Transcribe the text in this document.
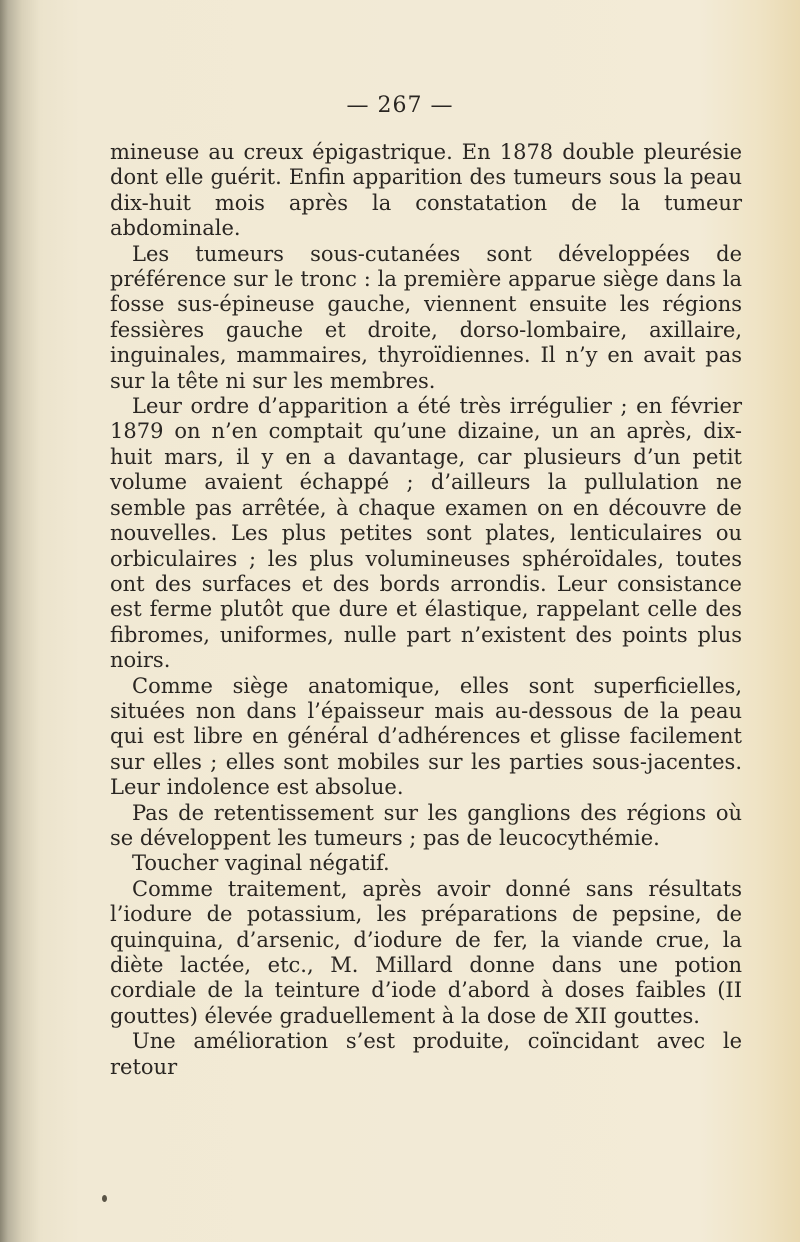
— 267 —

mineuse au creux épigastrique. En 1878 double pleurésie dont elle guérit. Enfin apparition des tumeurs sous la peau dix-huit mois après la constatation de la tumeur abdominale.

Les tumeurs sous-cutanées sont développées de préférence sur le tronc : la première apparue siège dans la fosse sus-épineuse gauche, viennent ensuite les régions fessières gauche et droite, dorso-lombaire, axillaire, inguinales, mammaires, thyroïdiennes. Il n’y en avait pas sur la tête ni sur les membres.

Leur ordre d’apparition a été très irrégulier ; en février 1879 on n’en comptait qu’une dizaine, un an après, dix-huit mars, il y en a davantage, car plusieurs d’un petit volume avaient échappé ; d’ailleurs la pullulation ne semble pas arrêtée, à chaque examen on en découvre de nouvelles. Les plus petites sont plates, lenticulaires ou orbiculaires ; les plus volumineuses sphéroïdales, toutes ont des surfaces et des bords arrondis. Leur consistance est ferme plutôt que dure et élastique, rappelant celle des fibromes, uniformes, nulle part n’existent des points plus noirs.

Comme siège anatomique, elles sont superficielles, situées non dans l’épaisseur mais au-dessous de la peau qui est libre en général d’adhérences et glisse facilement sur elles ; elles sont mobiles sur les parties sous-jacentes. Leur indolence est absolue.

Pas de retentissement sur les ganglions des régions où se développent les tumeurs ; pas de leucocythémie.

Toucher vaginal négatif.

Comme traitement, après avoir donné sans résultats l’iodure de potassium, les préparations de pepsine, de quinquina, d’arsenic, d’iodure de fer, la viande crue, la diète lactée, etc., M. Millard donne dans une potion cordiale de la teinture d’iode d’abord à doses faibles (II gouttes) élevée graduellement à la dose de XII gouttes.

Une amélioration s’est produite, coïncidant avec le retour
